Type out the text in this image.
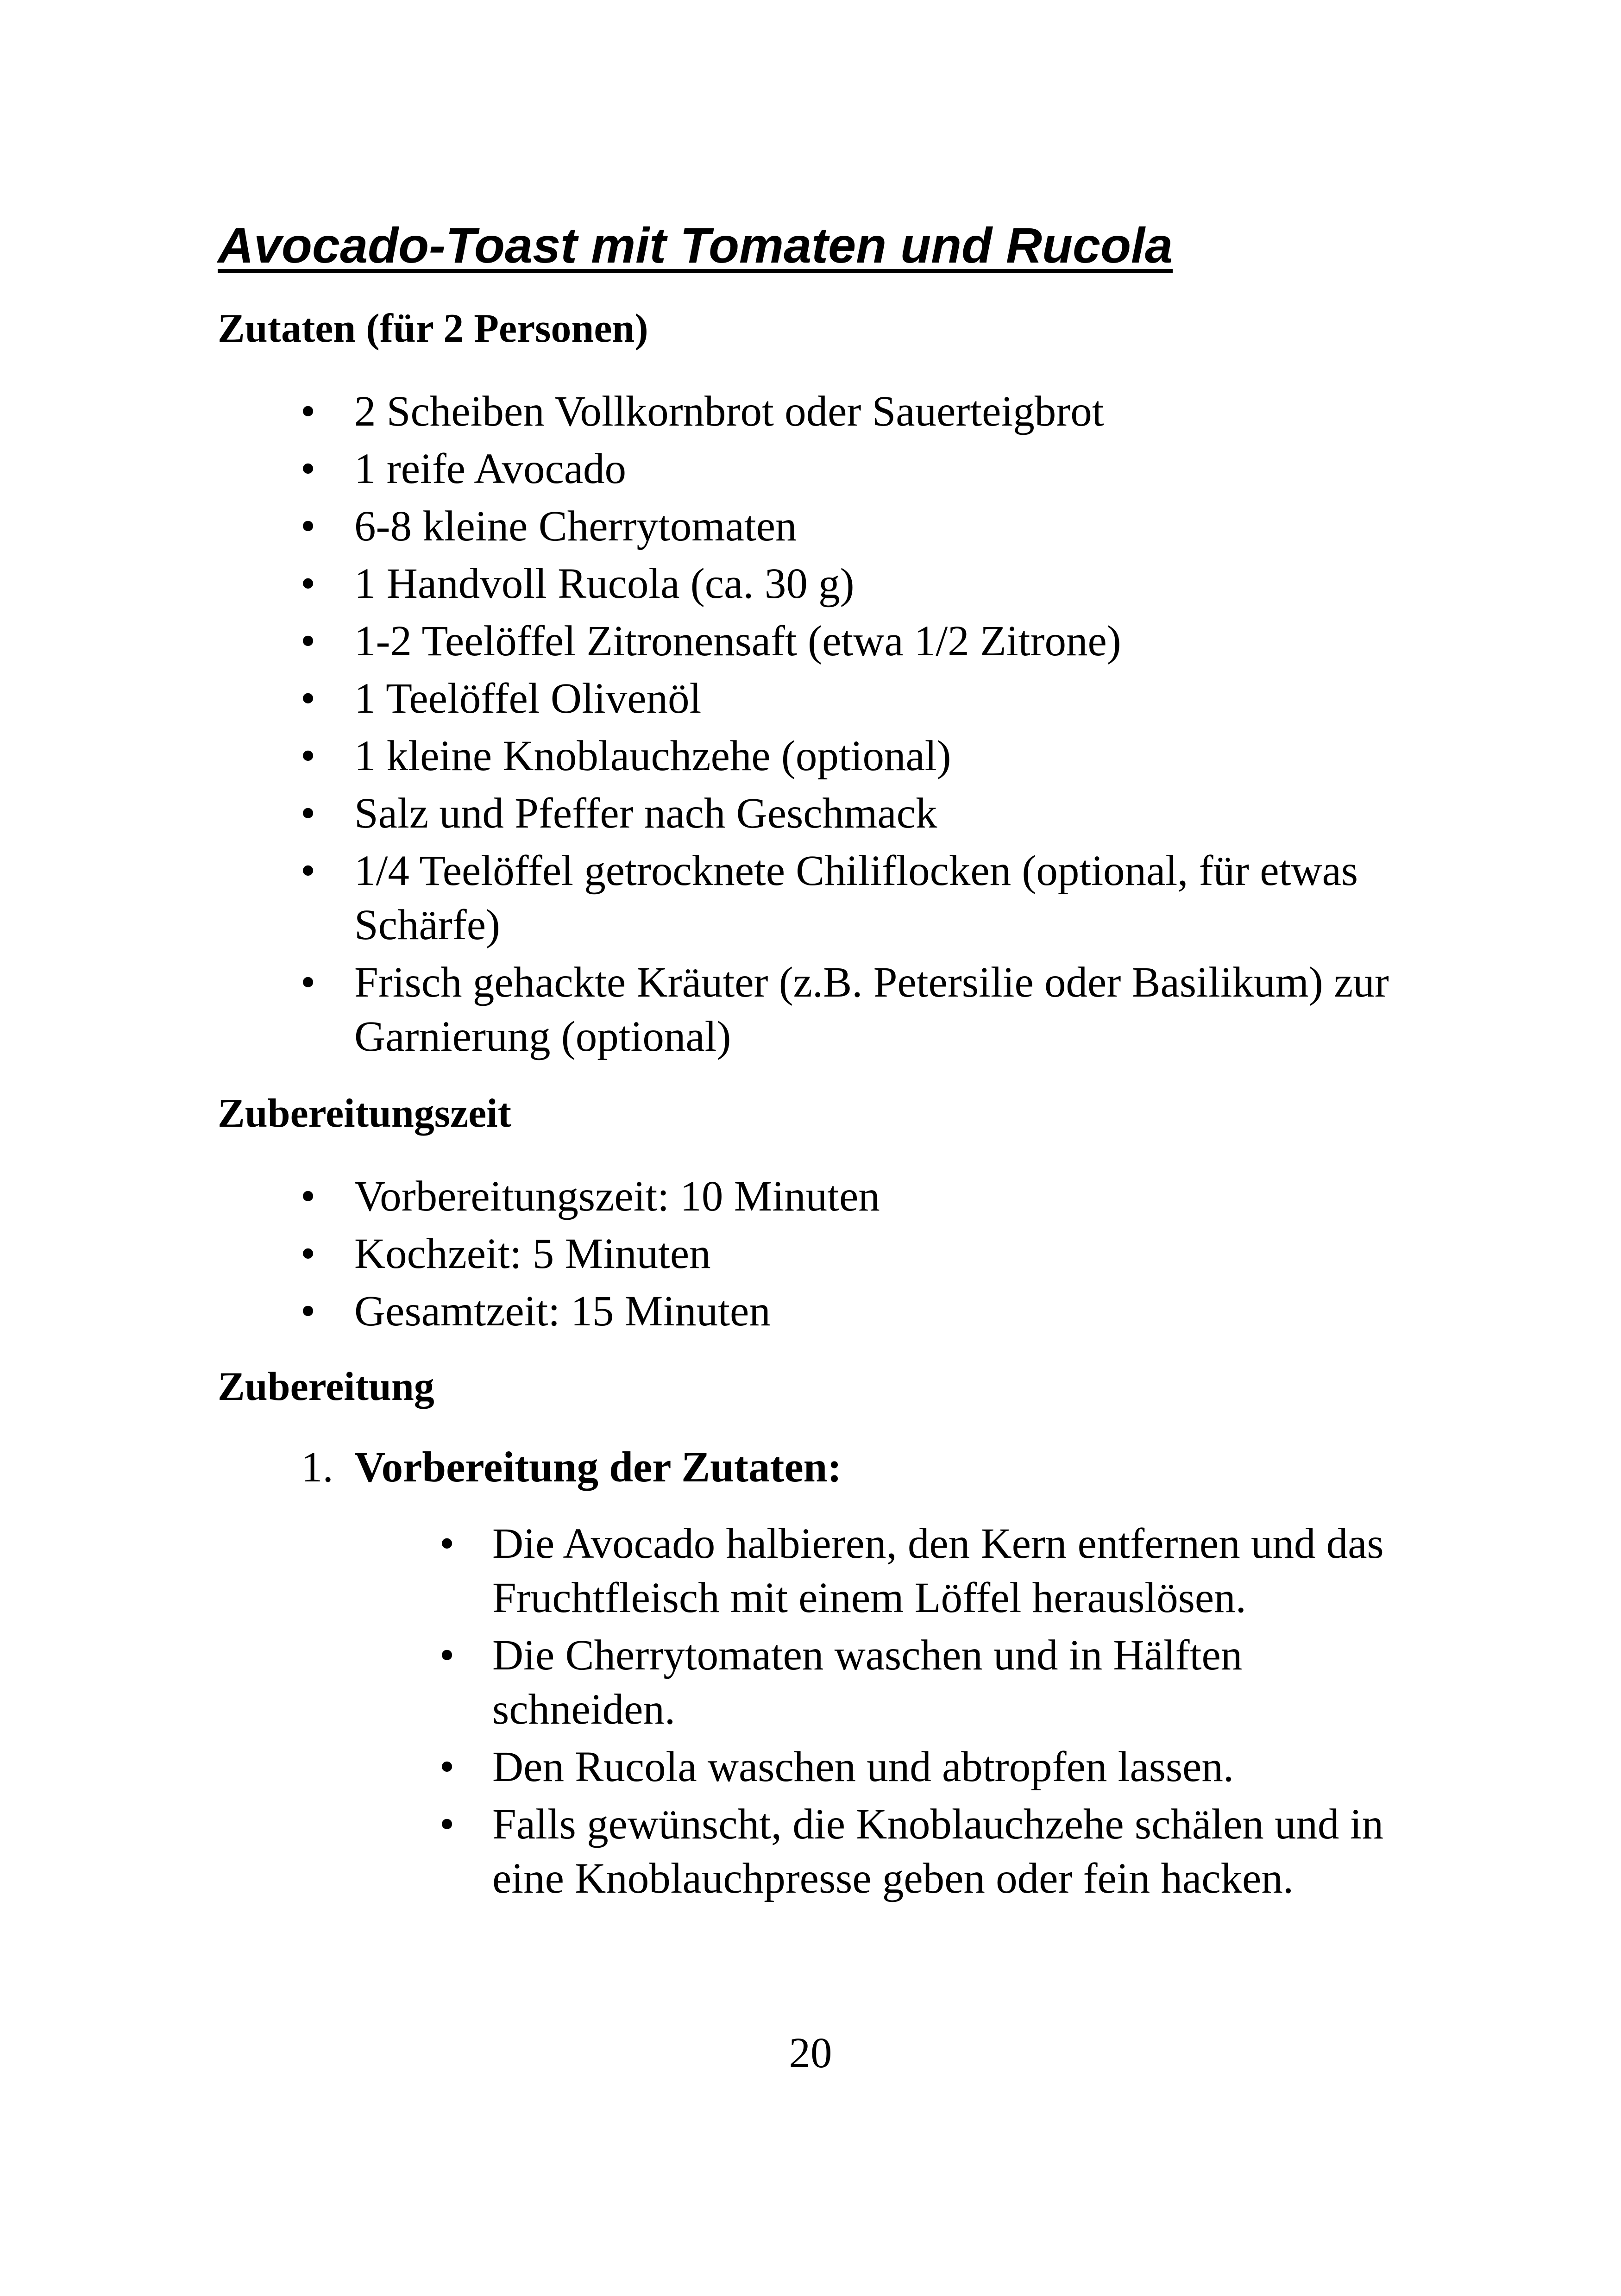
Avocado-Toast mit Tomaten und Rucola
Zutaten (für 2 Personen)
• 2 Scheiben Vollkornbrot oder Sauerteigbrot
• 1 reife Avocado
• 6-8 kleine Cherrytomaten
• 1 Handvoll Rucola (ca. 30 g)
• 1-2 Teelöffel Zitronensaft (etwa 1/2 Zitrone)
• 1 Teelöffel Olivenöl
• 1 kleine Knoblauchzehe (optional)
• Salz und Pfeffer nach Geschmack
• 1/4 Teelöffel getrocknete Chiliflocken (optional, für etwas Schärfe)
• Frisch gehackte Kräuter (z.B. Petersilie oder Basilikum) zur Garnierung (optional)
Zubereitungszeit
• Vorbereitungszeit: 10 Minuten
• Kochzeit: 5 Minuten
• Gesamtzeit: 15 Minuten
Zubereitung

1. Vorbereitung der Zutaten:

• Die Avocado halbieren, den Kern entfernen und das Fruchtfleisch mit einem Löffel herauslösen.
• Die Cherrytomaten waschen und in Hälften schneiden.
• Den Rucola waschen und abtropfen lassen.
• Falls gewünscht, die Knoblauchzehe schälen und in eine Knoblauchpresse geben oder fein hacken.

20
